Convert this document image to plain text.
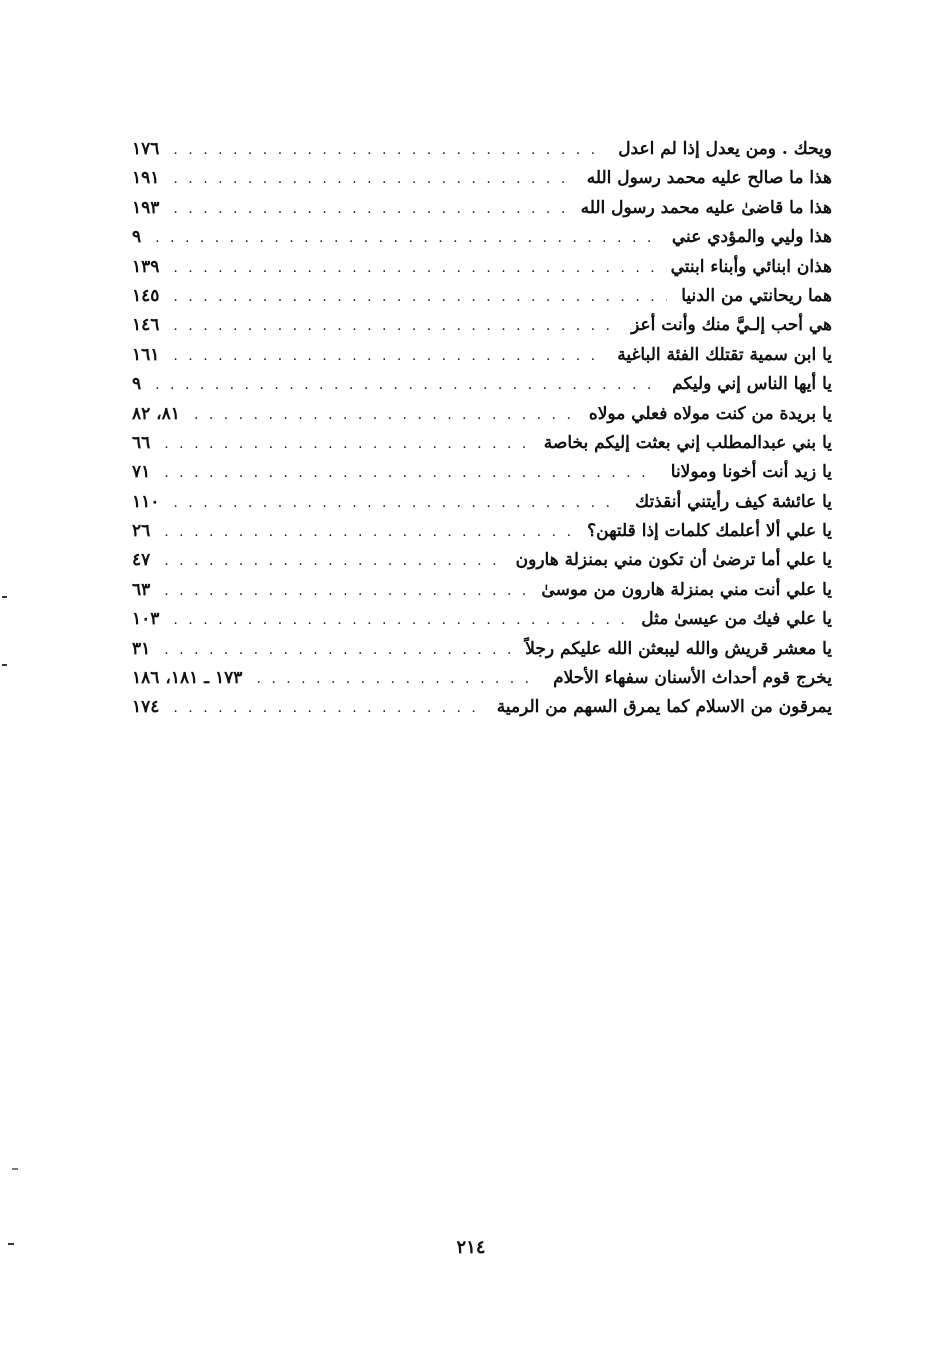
ويحك . ومن يعدل إذا لم اعدل
. . .
١٧٦
هذا ما صالح عليه محمد رسول الله
. . .
١٩١
هذا ما قاضىٰ عليه محمد رسول الله
. . .
١٩٣
هذا وليي والمؤدي عني
. . .
٩
هذان ابنائي وأبناء ابنتي
. . .
١٣٩
هما ريحانتي من الدنيا
. . .
١٤٥
هي أحب إلـيَّ منك وأنت أعز
. . .
١٤٦
يا ابن سمية تقتلك الفئة الباغية
. . .
١٦١
يا أيها الناس إني وليكم
. . .
٩
يا بريدة من كنت مولاه فعلي مولاه
. . .
٨١، ٨٢
يا بني عبدالمطلب إني بعثت إليكم بخاصة
. . .
٦٦
يا زيد أنت أخونا ومولانا
. . .
٧١
يا عائشة كيف رأيتني أنقذتك
. . .
١١٠
يا علي ألا أعلمك كلمات إذا قلتهن؟
. . .
٢٦
يا علي أما ترضىٰ أن تكون مني بمنزلة هارون
. . .
٤٧
يا علي أنت مني بمنزلة هارون من موسىٰ
. . .
٦٣
يا علي فيك من عيسىٰ مثل
. . .
١٠٣
يا معشر قريش والله ليبعثن الله عليكم رجلاً
. . .
٣١
يخرج قوم أحداث الأسنان سفهاء الأحلام
. . .
١٧٣ ـ ١٨١، ١٨٦
يمرقون من الاسلام كما يمرق السهم من الرمية
. . .
١٧٤
٢١٤
